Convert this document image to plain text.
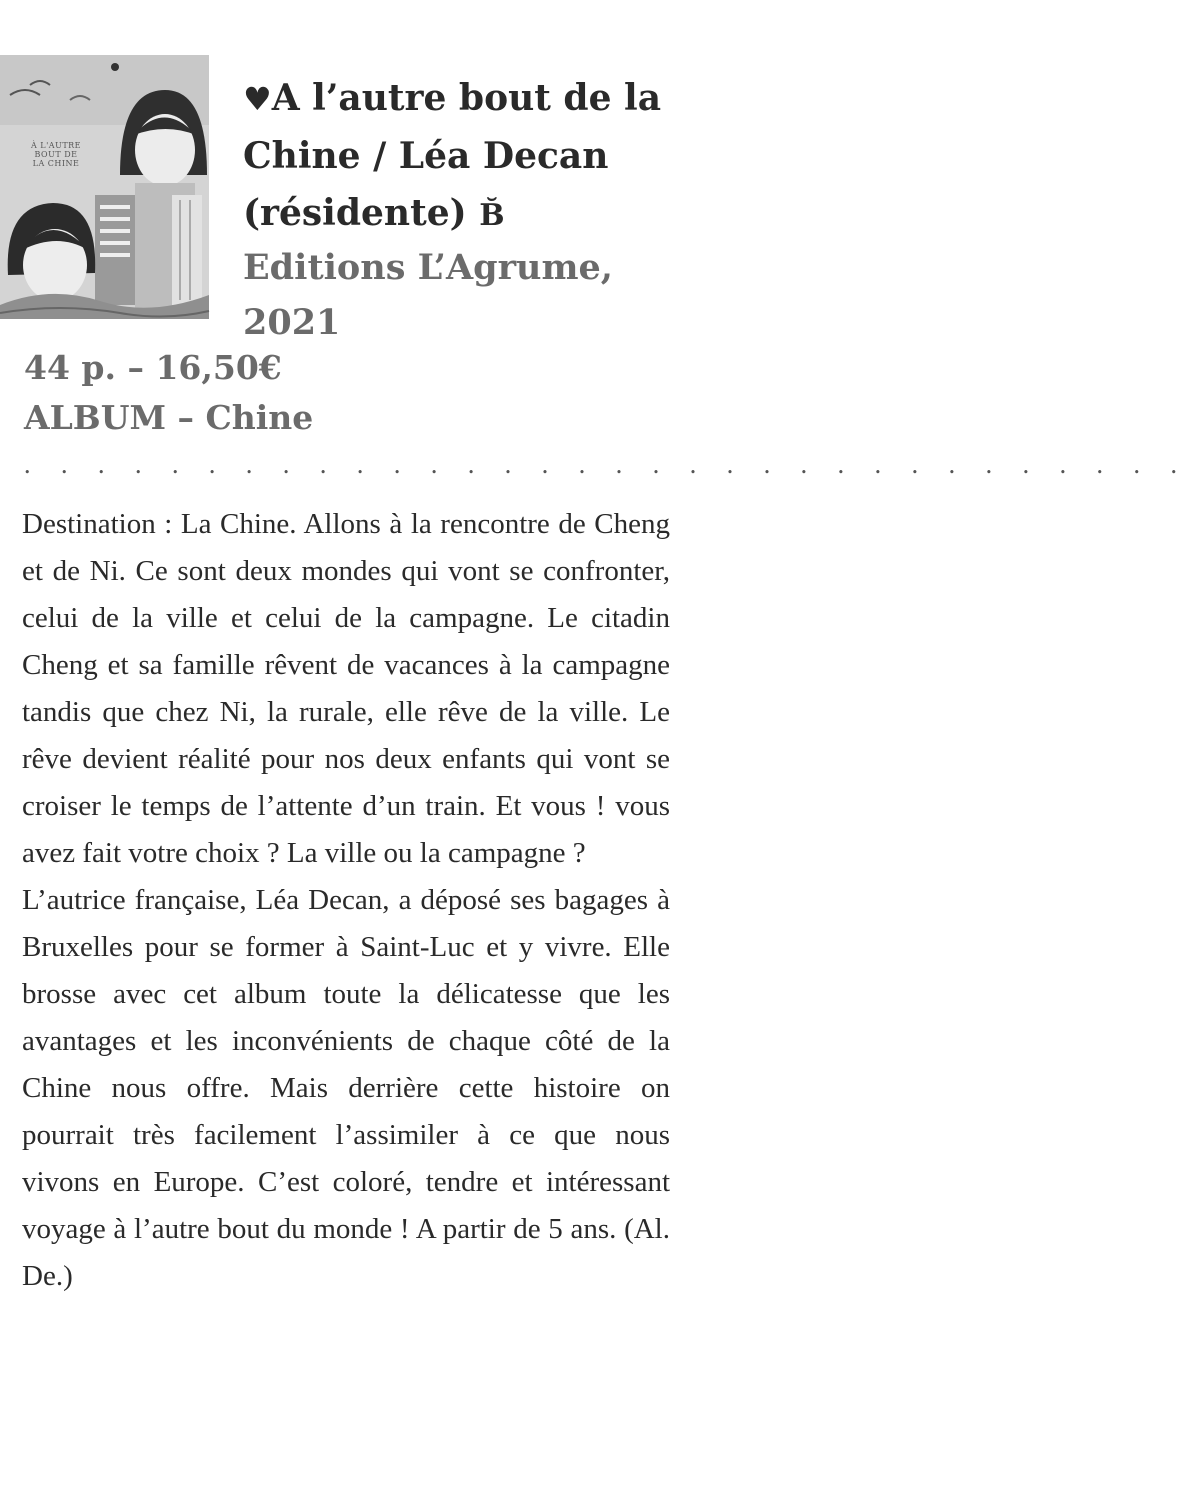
À L'AUTRE
BOUT DE
LA CHINE
♥A l’autre bout de la Chine / Léa Decan (résidente) B̆
Editions L’Agrume, 2021
44 p. – 16,50€
ALBUM – Chine
• • • • • • • • • • • • • • • • • • • • • • • • • • • • • • • •

Destination : La Chine. Allons à la rencontre de Cheng et de Ni. Ce sont deux mondes qui vont se confronter, celui de la ville et celui de la campagne. Le citadin Cheng et sa famille rêvent de vacances à la campagne tandis que chez Ni, la rurale, elle rêve de la ville. Le rêve devient réalité pour nos deux enfants qui vont se croiser le temps de l’attente d’un train. Et vous ! vous avez fait votre choix ? La ville ou la campagne ?

L’autrice française, Léa Decan, a déposé ses bagages à Bruxelles pour se former à Saint-Luc et y vivre. Elle brosse avec cet album toute la délicatesse que les avantages et les inconvénients de chaque côté de la Chine nous offre. Mais derrière cette histoire on pourrait très facilement l’assimiler à ce que nous vivons en Europe. C’est coloré, tendre et intéressant voyage à l’autre bout du monde ! A partir de 5 ans. (Al. De.)
